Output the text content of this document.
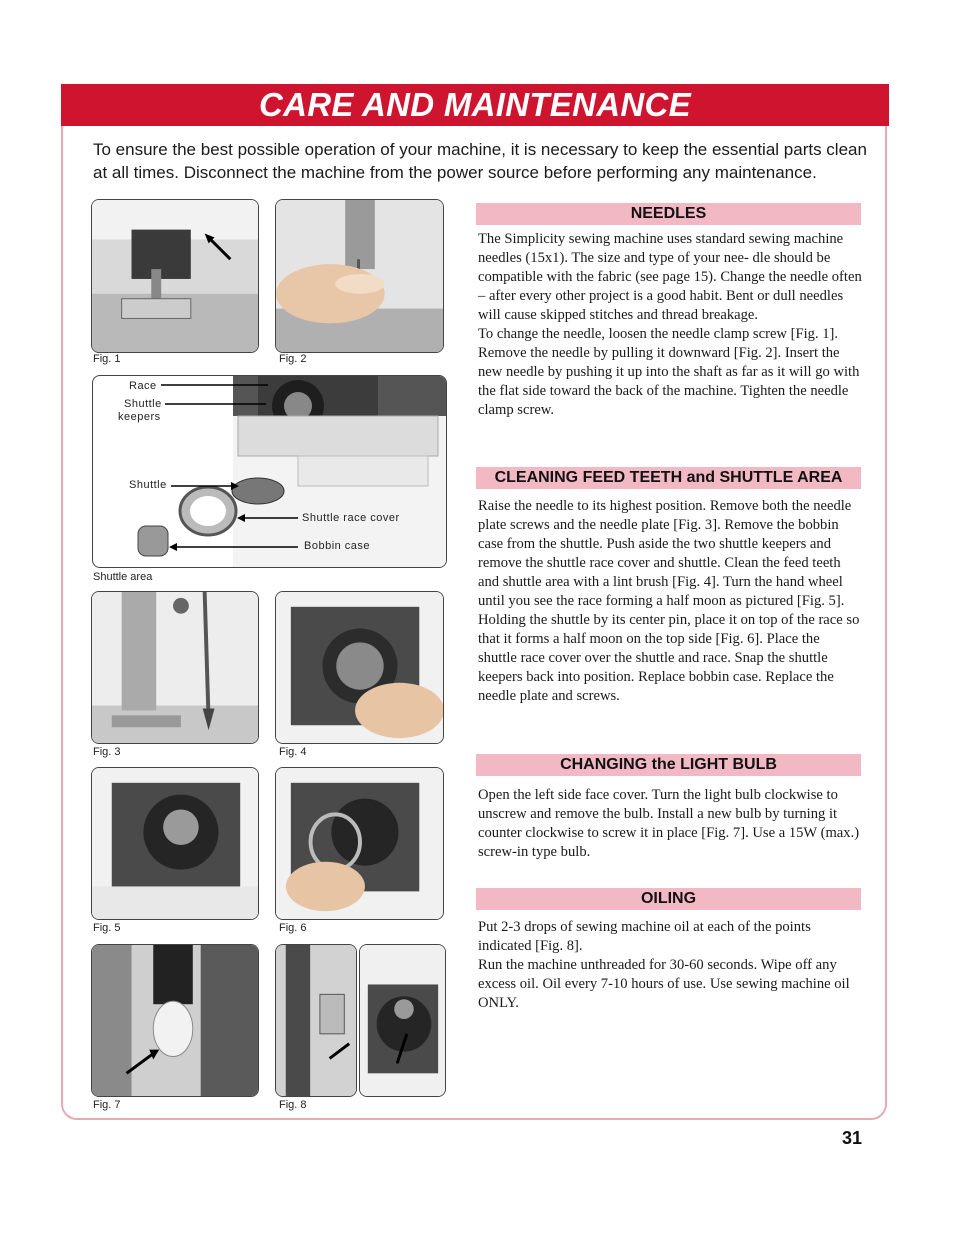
CARE AND MAINTENANCE
To ensure the best possible operation of your machine, it is necessary to keep the essential parts clean at all times. Disconnect the machine from the power source before performing any maintenance.
Fig. 1	Fig. 2
Race
Shuttle
keepers
Shuttle
Shuttle race cover
Bobbin case
Shuttle area
Fig. 3	Fig. 4
Fig. 5	Fig. 6
Fig. 7	Fig. 8
NEEDLES

The Simplicity sewing machine uses standard sewing machine needles (15x1). The size and type of your nee- dle should be compatible with the fabric (see page 15). Change the needle often – after every other project is a good habit. Bent or dull needles will cause skipped stitches and thread breakage.

To change the needle, loosen the needle clamp screw [Fig. 1]. Remove the needle by pulling it downward [Fig. 2]. Insert the new needle by pushing it up into the shaft as far as it will go with the flat side toward the back of the machine. Tighten the needle clamp screw.

CLEANING FEED TEETH and SHUTTLE AREA

Raise the needle to its highest position. Remove both the needle plate screws and the needle plate [Fig. 3]. Remove the bobbin case from the shuttle. Push aside the two shuttle keepers and remove the shuttle race cover and shuttle. Clean the feed teeth and shuttle area with a lint brush [Fig. 4]. Turn the hand wheel until you see the race forming a half moon as pictured [Fig. 5]. Holding the shuttle by its center pin, place it on top of the race so that it forms a half moon on the top side [Fig. 6]. Place the shuttle race cover over the shuttle and race. Snap the shuttle keepers back into position. Replace bobbin case. Replace the needle plate and screws.

CHANGING the LIGHT BULB

Open the left side face cover. Turn the light bulb clockwise to unscrew and remove the bulb. Install a new bulb by turning it counter clockwise to screw it in place [Fig. 7]. Use a 15W (max.) screw-in type bulb.

OILING

Put 2-3 drops of sewing machine oil at each of the points indicated [Fig. 8].

Run the machine unthreaded for 30-60 seconds. Wipe off any excess oil. Oil every 7-10 hours of use. Use sewing machine oil ONLY.

31
